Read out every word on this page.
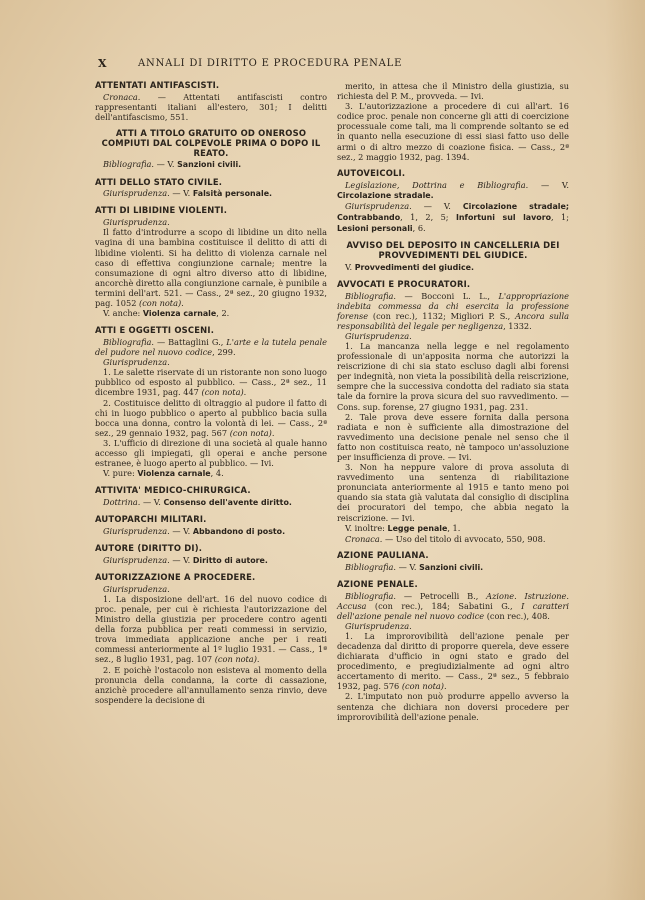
X	ANNALI DI DIRITTO E PROCEDURA PENALE
ATTENTATI ANTIFASCISTI.

Cronaca. — Attentati antifascisti contro rappresentanti italiani all'estero, 301; I delitti dell'antifascismo, 551.

ATTI A TITOLO GRATUITO OD ONEROSO COMPIUTI DAL COLPEVOLE PRIMA O DOPO IL REATO.

Bibliografia. — V. Sanzioni civili.

ATTI DELLO STATO CIVILE.

Giurisprudenza. — V. Falsità personale.

ATTI DI LIBIDINE VIOLENTI.

Giurisprudenza.

Il fatto d'introdurre a scopo di libidine un dito nella vagina di una bambina costituisce il delitto di atti di libidine violenti. Si ha delitto di violenza carnale nel caso di effettiva congiunzione carnale; mentre la consumazione di ogni altro diverso atto di libidine, ancorchè diretto alla congiunzione carnale, è punibile a termini dell'art. 521. — Cass., 2ª sez., 20 giugno 1932, pag. 1052 (con nota).

V. anche: Violenza carnale, 2.

ATTI E OGGETTI OSCENI.

Bibliografia. — Battaglini G., L'arte e la tutela penale del pudore nel nuovo codice, 299.

Giurisprudenza.

1. Le salette riservate di un ristorante non sono luogo pubblico od esposto al pubblico. — Cass., 2ª sez., 11 dicembre 1931, pag. 447 (con nota).

2. Costituisce delitto di oltraggio al pudore il fatto di chi in luogo pubblico o aperto al pubblico bacia sulla bocca una donna, contro la volontà di lei. — Cass., 2ª sez., 29 gennaio 1932, pag. 567 (con nota).

3. L'ufficio di direzione di una società al quale hanno accesso gli impiegati, gli operai e anche persone estranee, è luogo aperto al pubblico. — Ivi.

V. pure: Violenza carnale, 4.

ATTIVITA' MEDICO-CHIRURGICA.

Dottrina. — V. Consenso dell'avente diritto.

AUTOPARCHI MILITARI.

Giurisprudenza. — V. Abbandono di posto.

AUTORE (DIRITTO DI).

Giurisprudenza. — V. Diritto di autore.

AUTORIZZAZIONE A PROCEDERE.

Giurisprudenza.

1. La disposizione dell'art. 16 del nuovo codice di proc. penale, per cui è richiesta l'autorizzazione del Ministro della giustizia per procedere contro agenti della forza pubblica per reati commessi in servizio, trova immediata applicazione anche per i reati commessi anteriormente al 1º luglio 1931. — Cass., 1ª sez., 8 luglio 1931, pag. 107 (con nota).

2. E poichè l'ostacolo non esisteva al momento della pronuncia della condanna, la corte di cassazione, anzichè procedere all'annullamento senza rinvio, deve sospendere la decisione di

merito, in attesa che il Ministro della giustizia, su richiesta del P. M., provveda. — Ivi.

3. L'autorizzazione a procedere di cui all'art. 16 codice proc. penale non concerne gli atti di coercizione processuale come tali, ma li comprende soltanto se ed in quanto nella esecuzione di essi siasi fatto uso delle armi o di altro mezzo di coazione fisica. — Cass., 2ª sez., 2 maggio 1932, pag. 1394.

AUTOVEICOLI.

Legislazione, Dottrina e Bibliografia. — V. Circolazione stradale.

Giurisprudenza. — V. Circolazione stradale; Contrabbando, 1, 2, 5; Infortuni sul lavoro, 1; Lesioni personali, 6.

AVVISO DEL DEPOSITO IN CANCELLERIA DEI PROVVEDIMENTI DEL GIUDICE.

V. Provvedimenti del giudice.

AVVOCATI E PROCURATORI.

Bibliografia. — Bocconi L. L., L'appropriazione indebita commessa da chi esercita la professione forense (con rec.), 1132; Migliori P. S., Ancora sulla responsabilità del legale per negligenza, 1332.

Giurisprudenza.

1. La mancanza nella legge e nel regolamento professionale di un'apposita norma che autorizzi la reiscrizione di chi sia stato escluso dagli albi forensi per indegnità, non vieta la possibilità della reiscrizione, sempre che la successiva condotta del radiato sia stata tale da fornire la prova sicura del suo ravvedimento. — Cons. sup. forense, 27 giugno 1931, pag. 231.

2. Tale prova deve essere fornita dalla persona radiata e non è sufficiente alla dimostrazione del ravvedimento una decisione penale nel senso che il fatto non costituisca reato, nè tampoco un'assoluzione per insufficienza di prove. — Ivi.

3. Non ha neppure valore di prova assoluta di ravvedimento una sentenza di riabilitazione pronunciata anteriormente al 1915 e tanto meno poi quando sia stata già valutata dal consiglio di disciplina dei procuratori del tempo, che abbia negato la reiscrizione. — Ivi.

V. inoltre: Legge penale, 1.

Cronaca. — Uso del titolo di avvocato, 550, 908.

AZIONE PAULIANA.

Bibliografia. — V. Sanzioni civili.

AZIONE PENALE.

Bibliografia. — Petrocelli B., Azione. Istruzione. Accusa (con rec.), 184; Sabatini G., I caratteri dell'azione penale nel nuovo codice (con rec.), 408.

Giurisprudenza.

1. La improrovibilità dell'azione penale per decadenza dal diritto di proporre querela, deve essere dichiarata d'ufficio in ogni stato e grado del procedimento, e pregiudizialmente ad ogni altro accertamento di merito. — Cass., 2ª sez., 5 febbraio 1932, pag. 576 (con nota).

2. L'imputato non può produrre appello avverso la sentenza che dichiara non doversi procedere per improrovibilità dell'azione penale.
